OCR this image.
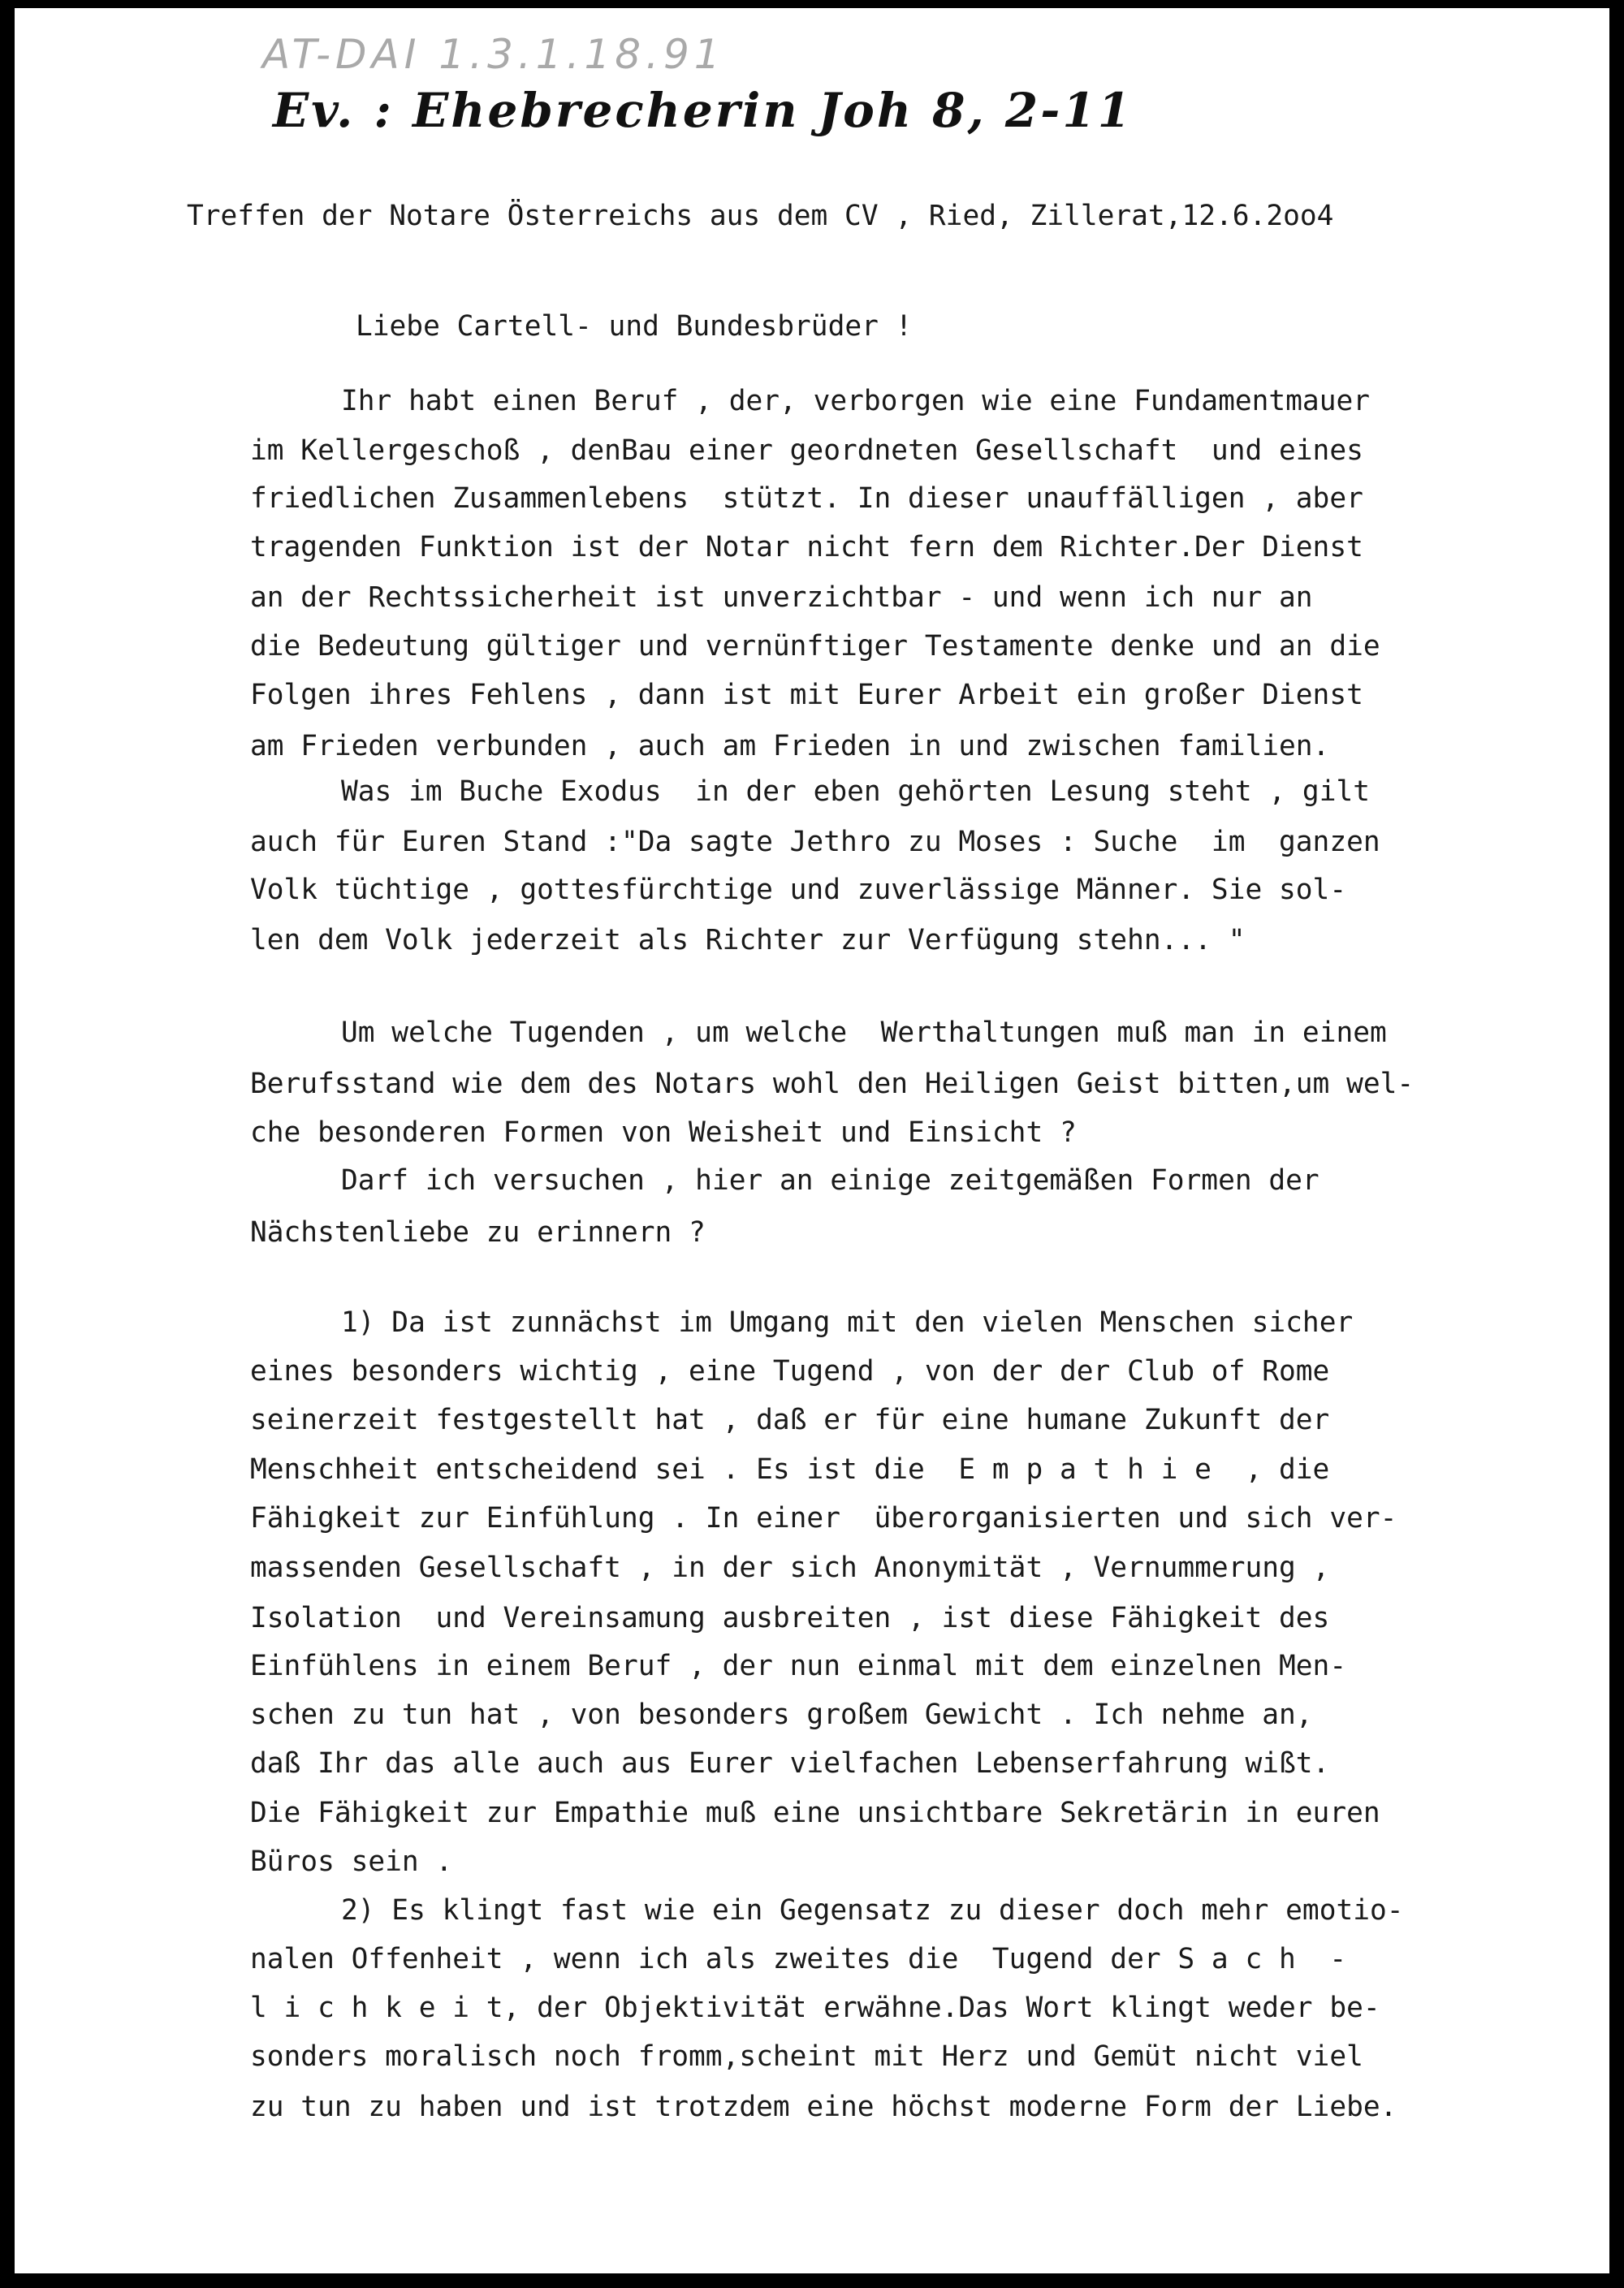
AT-DAI 1.3.1.18.91
Ev. : Ehebrecherin Joh 8, 2-11
Treffen der Notare Österreichs aus dem CV , Ried, Zillerat,12.6.2oo4
Liebe Cartell- und Bundesbrüder !
Ihr habt einen Beruf , der, verborgen wie eine Fundamentmauer
im Kellergeschoß , denBau einer geordneten Gesellschaft  und eines
friedlichen Zusammenlebens  stützt. In dieser unauffälligen , aber
tragenden Funktion ist der Notar nicht fern dem Richter.Der Dienst
an der Rechtssicherheit ist unverzichtbar - und wenn ich nur an
die Bedeutung gültiger und vernünftiger Testamente denke und an die
Folgen ihres Fehlens , dann ist mit Eurer Arbeit ein großer Dienst
am Frieden verbunden , auch am Frieden in und zwischen familien.
Was im Buche Exodus  in der eben gehörten Lesung steht , gilt
auch für Euren Stand :"Da sagte Jethro zu Moses : Suche  im  ganzen
Volk tüchtige , gottesfürchtige und zuverlässige Männer. Sie sol-
len dem Volk jederzeit als Richter zur Verfügung stehn... "
Um welche Tugenden , um welche  Werthaltungen muß man in einem
Berufsstand wie dem des Notars wohl den Heiligen Geist bitten,um wel-
che besonderen Formen von Weisheit und Einsicht ?
Darf ich versuchen , hier an einige zeitgemäßen Formen der
Nächstenliebe zu erinnern ?
1) Da ist zunnächst im Umgang mit den vielen Menschen sicher
eines besonders wichtig , eine Tugend , von der der Club of Rome
seinerzeit festgestellt hat , daß er für eine humane Zukunft der
Menschheit entscheidend sei . Es ist die  E m p a t h i e  , die
Fähigkeit zur Einfühlung . In einer  überorganisierten und sich ver-
massenden Gesellschaft , in der sich Anonymität , Vernummerung ,
Isolation  und Vereinsamung ausbreiten , ist diese Fähigkeit des
Einfühlens in einem Beruf , der nun einmal mit dem einzelnen Men-
schen zu tun hat , von besonders großem Gewicht . Ich nehme an,
daß Ihr das alle auch aus Eurer vielfachen Lebenserfahrung wißt.
Die Fähigkeit zur Empathie muß eine unsichtbare Sekretärin in euren
Büros sein .
2) Es klingt fast wie ein Gegensatz zu dieser doch mehr emotio-
nalen Offenheit , wenn ich als zweites die  Tugend der S a c h  -
l i c h k e i t, der Objektivität erwähne.Das Wort klingt weder be-
sonders moralisch noch fromm,scheint mit Herz und Gemüt nicht viel
zu tun zu haben und ist trotzdem eine höchst moderne Form der Liebe.
